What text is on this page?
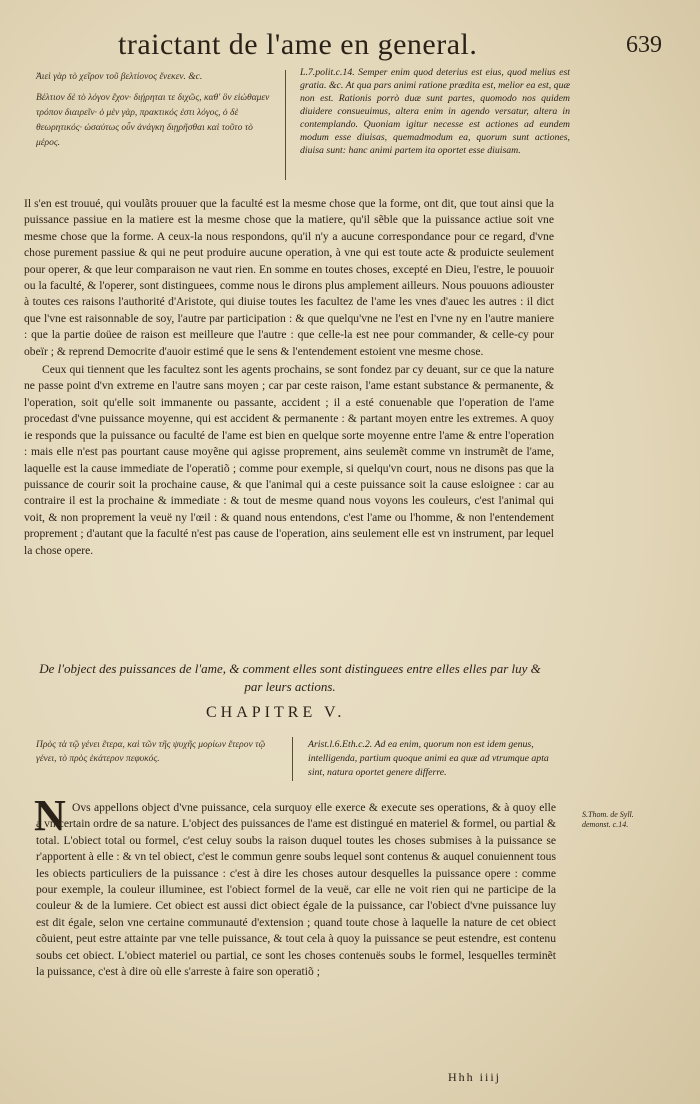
traictant de l'ame en general.	639

Ἀιεὶ γὰρ τὸ χεῖρον τοῦ βελτίονος ἕνεκεν. &c.

Βέλτιον δὲ τὸ λόγον ἔχον· διῄρηται τε διχῶς, καθ' ὃν εἰώθαμεν τρόπον διαιρεῖν· ὁ μὲν γὰρ, πρακτικός ἐστι λόγος, ὁ δὲ θεωρητικός· ὡσαύτως οὖν ἀνάγκη διῃρῆσθαι καὶ τοῦτο τὸ μέρος.

L.7.polit.c.14. Semper enim quod deterius est eius, quod melius est gratia. &c. At qua pars animi ratione prædita est, melior ea est, quæ non est. Rationis porrò duæ sunt partes, quomodo nos quidem diuidere consueuimus, altera enim in agendo versatur, altera in contemplando. Quoniam igitur necesse est actiones ad eundem modum esse diuisas, quemadmodum ea, quorum sunt actiones, diuisa sunt: hanc animi partem ita oportet esse diuisam.

Il s'en est trouué, qui voulãts prouuer que la faculté est la mesme chose que la forme, ont dit, que tout ainsi que la puissance passiue en la matiere est la mesme chose que la matiere, qu'il sẽble que la puissance actiue soit vne mesme chose que la forme. A ceux-la nous respondons, qu'il n'y a aucune correspondance pour ce regard, d'vne chose purement passiue & qui ne peut produire aucune operation, à vne qui est toute acte & produicte seulement pour operer, & que leur comparaison ne vaut rien. En somme en toutes choses, excepté en Dieu, l'estre, le pouuoir ou la faculté, & l'operer, sont distinguees, comme nous le dirons plus amplement ailleurs. Nous pouuons adiouster à toutes ces raisons l'authorité d'Aristote, qui diuise toutes les facultez de l'ame les vnes d'auec les autres : il dict que l'vne est raisonnable de soy, l'autre par participation : & que quelqu'vne ne l'est en l'vne ny en l'autre maniere : que la partie doüee de raison est meilleure que l'autre : que celle-la est nee pour commander, & celle-cy pour obeïr ; & reprend Democrite d'auoir estimé que le sens & l'entendement estoient vne mesme chose.

Ceux qui tiennent que les facultez sont les agents prochains, se sont fondez par cy deuant, sur ce que la nature ne passe point d'vn extreme en l'autre sans moyen ; car par ceste raison, l'ame estant substance & permanente, & l'operation, soit qu'elle soit immanente ou passante, accident ; il a esté conuenable que l'operation de l'ame procedast d'vne puissance moyenne, qui est accident & permanente : & partant moyen entre les extremes. A quoy ie responds que la puissance ou faculté de l'ame est bien en quelque sorte moyenne entre l'ame & entre l'operation : mais elle n'est pas pourtant cause moyẽne qui agisse proprement, ains seulemẽt comme vn instrumẽt de l'ame, laquelle est la cause immediate de l'operatiõ ; comme pour exemple, si quelqu'vn court, nous ne disons pas que la puissance de courir soit la prochaine cause, & que l'animal qui a ceste puissance soit la cause esloignee : car au contraire il est la prochaine & immediate : & tout de mesme quand nous voyons les couleurs, c'est l'animal qui voit, & non proprement la veuë ny l'œil : & quand nous entendons, c'est l'ame ou l'homme, & non l'entendement proprement ; d'autant que la faculté n'est pas cause de l'operation, ains seulement elle est vn instrument, par lequel la chose opere.

De l'object des puissances de l'ame, & comment elles sont distinguees entre elles elles par luy & par leurs actions.
CHAPITRE V.
Πρὸς τὰ τῷ γένει ἕτερα, καὶ τῶν τῆς ψυχῆς μορίων ἕτερον τῷ γένει, τὸ πρὸς ἑκάτερον πεφυκός.

Arist.l.6.Eth.c.2. Ad ea enim, quorum non est idem genus, intelligenda, partium quoque animi ea quæ ad vtrumque apta sint, natura oportet genere differre.

N Ovs appellons object d'vne puissance, cela surquoy elle exerce & execute ses operations, & à quoy elle a vn certain ordre de sa nature. L'object des puissances de l'ame est distingué en materiel & formel, ou partial & total. L'obiect total ou formel, c'est celuy soubs la raison duquel toutes les choses submises à la puissance se r'apportent à elle : & vn tel obiect, c'est le commun genre soubs lequel sont contenus & auquel conuiennent tous les obiects particuliers de la puissance : c'est à dire les choses autour desquelles la puissance opere : comme pour exemple, la couleur illuminee, est l'obiect formel de la veuë, car elle ne voit rien qui ne participe de la couleur & de la lumiere. Cet obiect est aussi dict obiect égale de la puissance, car l'obiect d'vne puissance luy est dit égale, selon vne certaine communauté d'extension ; quand toute chose à laquelle la nature de cet obiect cõuient, peut estre attainte par vne telle puissance, & tout cela à quoy la puissance se peut estendre, est contenu soubs cet obiect. L'obiect materiel ou partial, ce sont les choses contenuës soubs le formel, lesquelles terminẽt la puissance, c'est à dire où elle s'arreste à faire son operatiõ ;

S.Thom. de Syll. demonst. c.14.
Hhh iiij
